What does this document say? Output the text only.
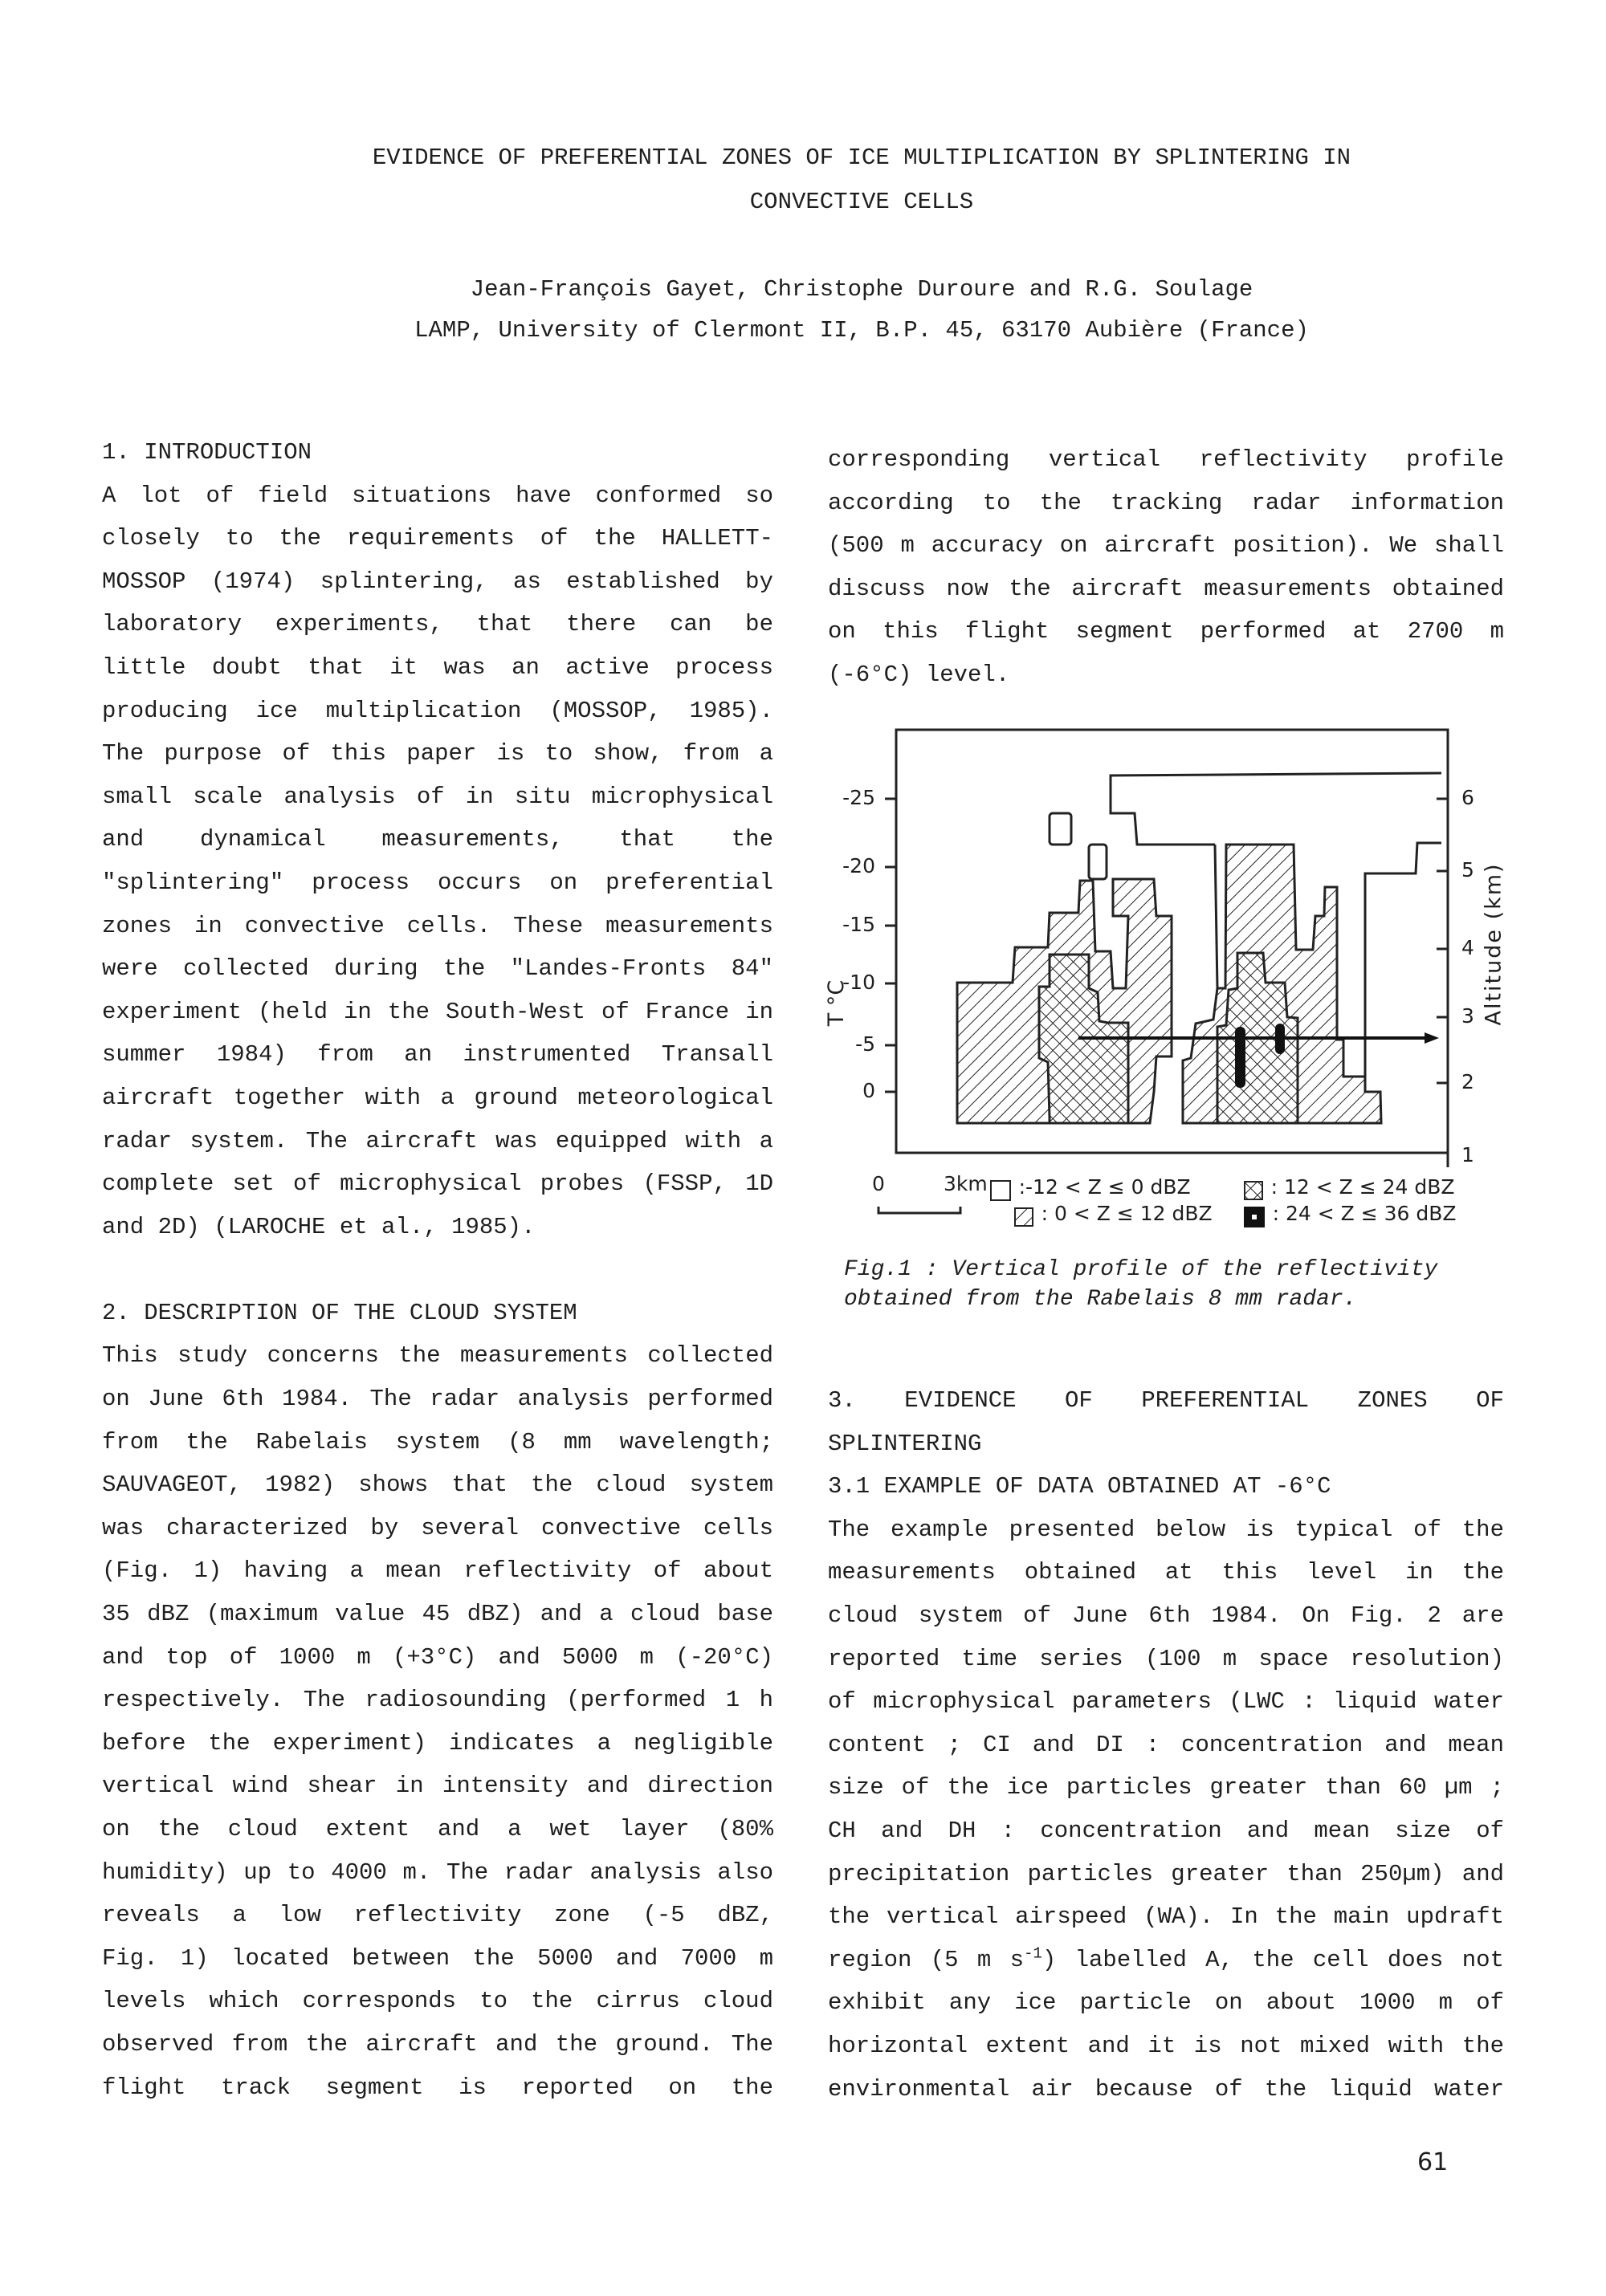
EVIDENCE OF PREFERENTIAL ZONES OF ICE MULTIPLICATION BY SPLINTERING IN
CONVECTIVE CELLS
Jean-François Gayet, Christophe Duroure and R.G. Soulage
LAMP, University of Clermont II, B.P. 45, 63170 Aubière (France)
1. INTRODUCTION
A lot of field situations have conformed so
closely to the requirements of the HALLETT-
MOSSOP (1974) splintering, as established by
laboratory experiments, that there can be
little doubt that it was an active process
producing ice multiplication (MOSSOP, 1985).
The purpose of this paper is to show, from a
small scale analysis of in situ microphysical
and dynamical measurements, that the
"splintering" process occurs on preferential
zones in convective cells. These measurements
were collected during the "Landes-Fronts 84"
experiment (held in the South-West of France in
summer 1984) from an instrumented Transall
aircraft together with a ground meteorological
radar system. The aircraft was equipped with a
complete set of microphysical probes (FSSP, 1D
and 2D) (LAROCHE et al., 1985).
2. DESCRIPTION OF THE CLOUD SYSTEM
This study concerns the measurements collected
on June 6th 1984. The radar analysis performed
from the Rabelais system (8 mm wavelength;
SAUVAGEOT, 1982) shows that the cloud system
was characterized by several convective cells
(Fig. 1) having a mean reflectivity of about
35 dBZ (maximum value 45 dBZ) and a cloud base
and top of 1000 m (+3°C) and 5000 m (-20°C)
respectively. The radiosounding (performed 1 h
before the experiment) indicates a negligible
vertical wind shear in intensity and direction
on the cloud extent and a wet layer (80%
humidity) up to 4000 m. The radar analysis also
reveals a low reflectivity zone (-5 dBZ,
Fig. 1) located between the 5000 and 7000 m
levels which corresponds to the cirrus cloud
observed from the aircraft and the ground. The
flight track segment is reported on the
corresponding vertical reflectivity profile
according to the tracking radar information
(500 m accuracy on aircraft position). We shall
discuss now the aircraft measurements obtained
on this flight segment performed at 2700 m
(-6°C) level.
3. EVIDENCE OF PREFERENTIAL ZONES OF
SPLINTERING
3.1 EXAMPLE OF DATA OBTAINED AT -6°C
The example presented below is typical of the
measurements obtained at this level in the
cloud system of June 6th 1984. On Fig. 2 are
reported time series (100 m space resolution)
of microphysical parameters (LWC : liquid water
content ; CI and DI : concentration and mean
size of the ice particles greater than 60 µm ;
CH and DH : concentration and mean size of
precipitation particles greater than 250µm) and
the vertical airspeed (WA). In the main updraft
region (5 m $s^{-1}$) labelled A, the cell does not
exhibit any ice particle on about 1000 m of
horizontal extent and it is not mixed with the
environmental air because of the liquid water
T °C
-25
-20
-15
-10
-5
0
6
5
4
3
2
1
Altitude (km)
0	3km	:-12 < Z ≤ 0 dBZ
: 0 < Z ≤ 12 dBZ
: 12 < Z ≤ 24 dBZ
: 24 < Z ≤ 36 dBZ
Fig.1 : Vertical profile of the reflectivity
obtained from the Rabelais 8 mm radar.
61
